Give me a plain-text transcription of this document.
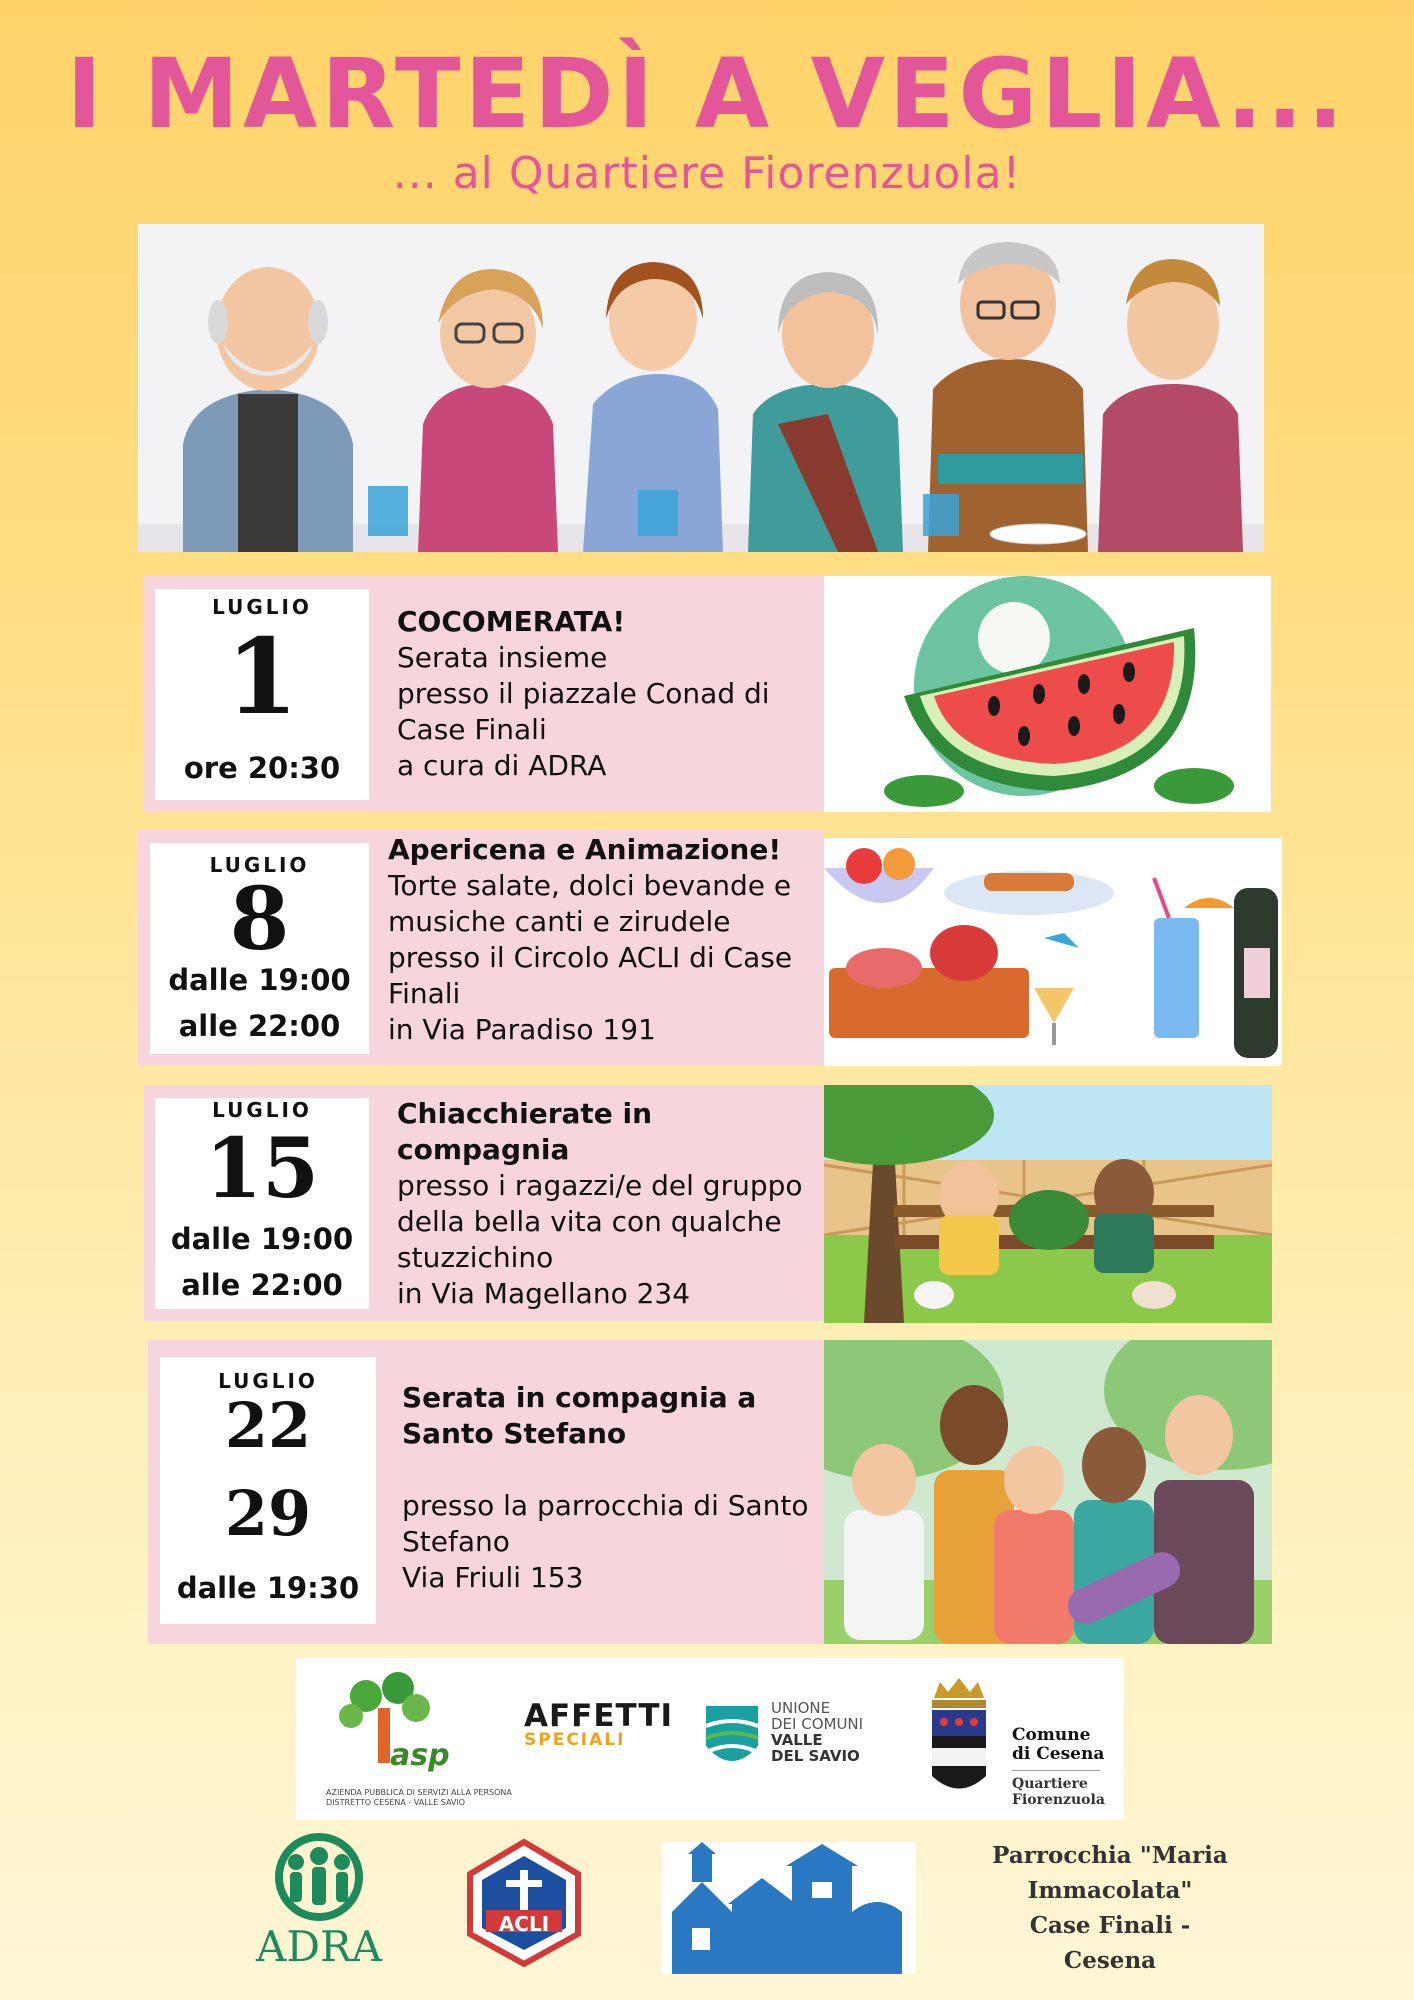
I MARTEDÌ A VEGLIA...
... al Quartiere Fiorenzuola!
LUGLIO
1
ore 20:30
COCOMERATA!
Serata insieme
presso il piazzale Conad di
Case Finali
a cura di ADRA
LUGLIO
8
dalle 19:00
alle 22:00
Apericena e Animazione!
Torte salate, dolci bevande e
musiche canti e zirudele
presso il Circolo ACLI di Case
Finali
in Via Paradiso 191
LUGLIO
15
dalle 19:00
alle 22:00
Chiacchierate in
compagnia
presso i ragazzi/e del gruppo
della bella vita con qualche
stuzzichino
in Via Magellano 234
LUGLIO
22
29
dalle 19:30
Serata in compagnia a
Santo Stefano
presso la parrocchia di Santo
Stefano
Via Friuli 153
asp
AZIENDA PUBBLICA DI SERVIZI ALLA PERSONA
DISTRETTO CESENA - VALLE SAVIO
AFFETTI
SPECIALI
UNIONE
DEI COMUNI
VALLE
DEL SAVIO
Comune
di Cesena
Quartiere
Fiorenzuola
ADRA	ACLI
Parrocchia "Maria
Immacolata"
Case Finali -
Cesena
